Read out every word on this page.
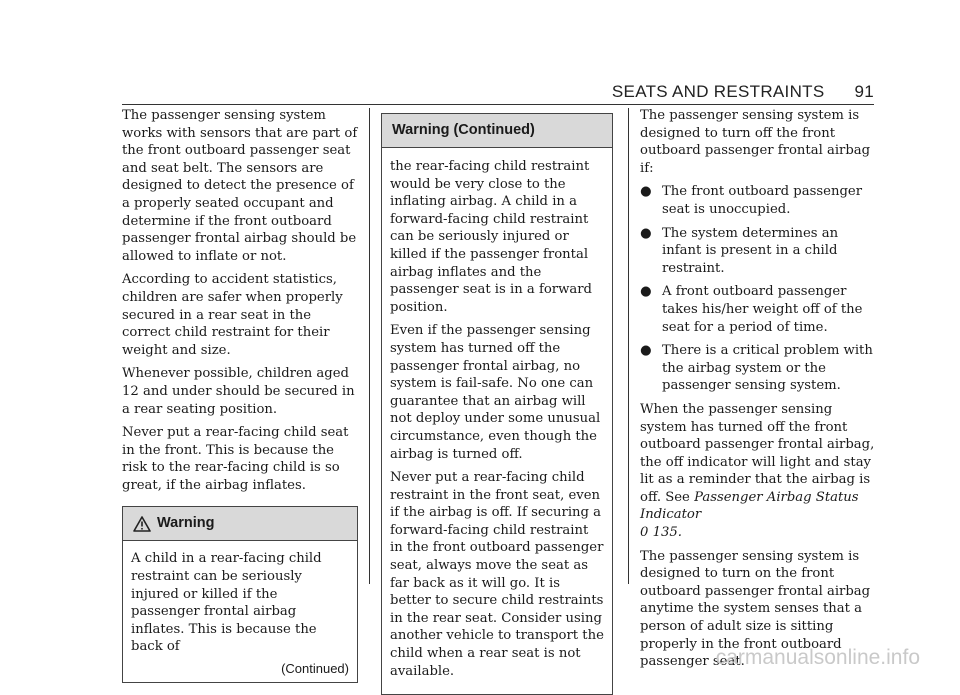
SEATS AND RESTRAINTS 91

The passenger sensing system works with sensors that are part of the front outboard passenger seat and seat belt. The sensors are designed to detect the presence of a properly seated occupant and determine if the front outboard passenger frontal airbag should be allowed to inflate or not.

According to accident statistics, children are safer when properly secured in a rear seat in the correct child restraint for their weight and size.

Whenever possible, children aged 12 and under should be secured in a rear seating position.

Never put a rear-facing child seat in the front. This is because the risk to the rear-facing child is so great, if the airbag inflates.

Warning

A child in a rear-facing child restraint can be seriously injured or killed if the passenger frontal airbag inflates. This is because the back of

(Continued)
Warning (Continued)

the rear-facing child restraint would be very close to the inflating airbag. A child in a forward-facing child restraint can be seriously injured or killed if the passenger frontal airbag inflates and the passenger seat is in a forward position.

Even if the passenger sensing system has turned off the passenger frontal airbag, no system is fail-safe. No one can guarantee that an airbag will not deploy under some unusual circumstance, even though the airbag is turned off.

Never put a rear-facing child restraint in the front seat, even if the airbag is off. If securing a forward-facing child restraint in the front outboard passenger seat, always move the seat as far back as it will go. It is better to secure child restraints in the rear seat. Consider using another vehicle to transport the child when a rear seat is not available.

The passenger sensing system is designed to turn off the front outboard passenger frontal airbag if:

● The front outboard passenger seat is unoccupied.
● The system determines an infant is present in a child restraint.
● A front outboard passenger takes his/her weight off of the seat for a period of time.
● There is a critical problem with the airbag system or the passenger sensing system.

When the passenger sensing system has turned off the front outboard passenger frontal airbag, the off indicator will light and stay lit as a reminder that the airbag is off. See Passenger Airbag Status Indicator
0 135.

The passenger sensing system is designed to turn on the front outboard passenger frontal airbag anytime the system senses that a person of adult size is sitting properly in the front outboard passenger seat.

carmanualsonline.info
